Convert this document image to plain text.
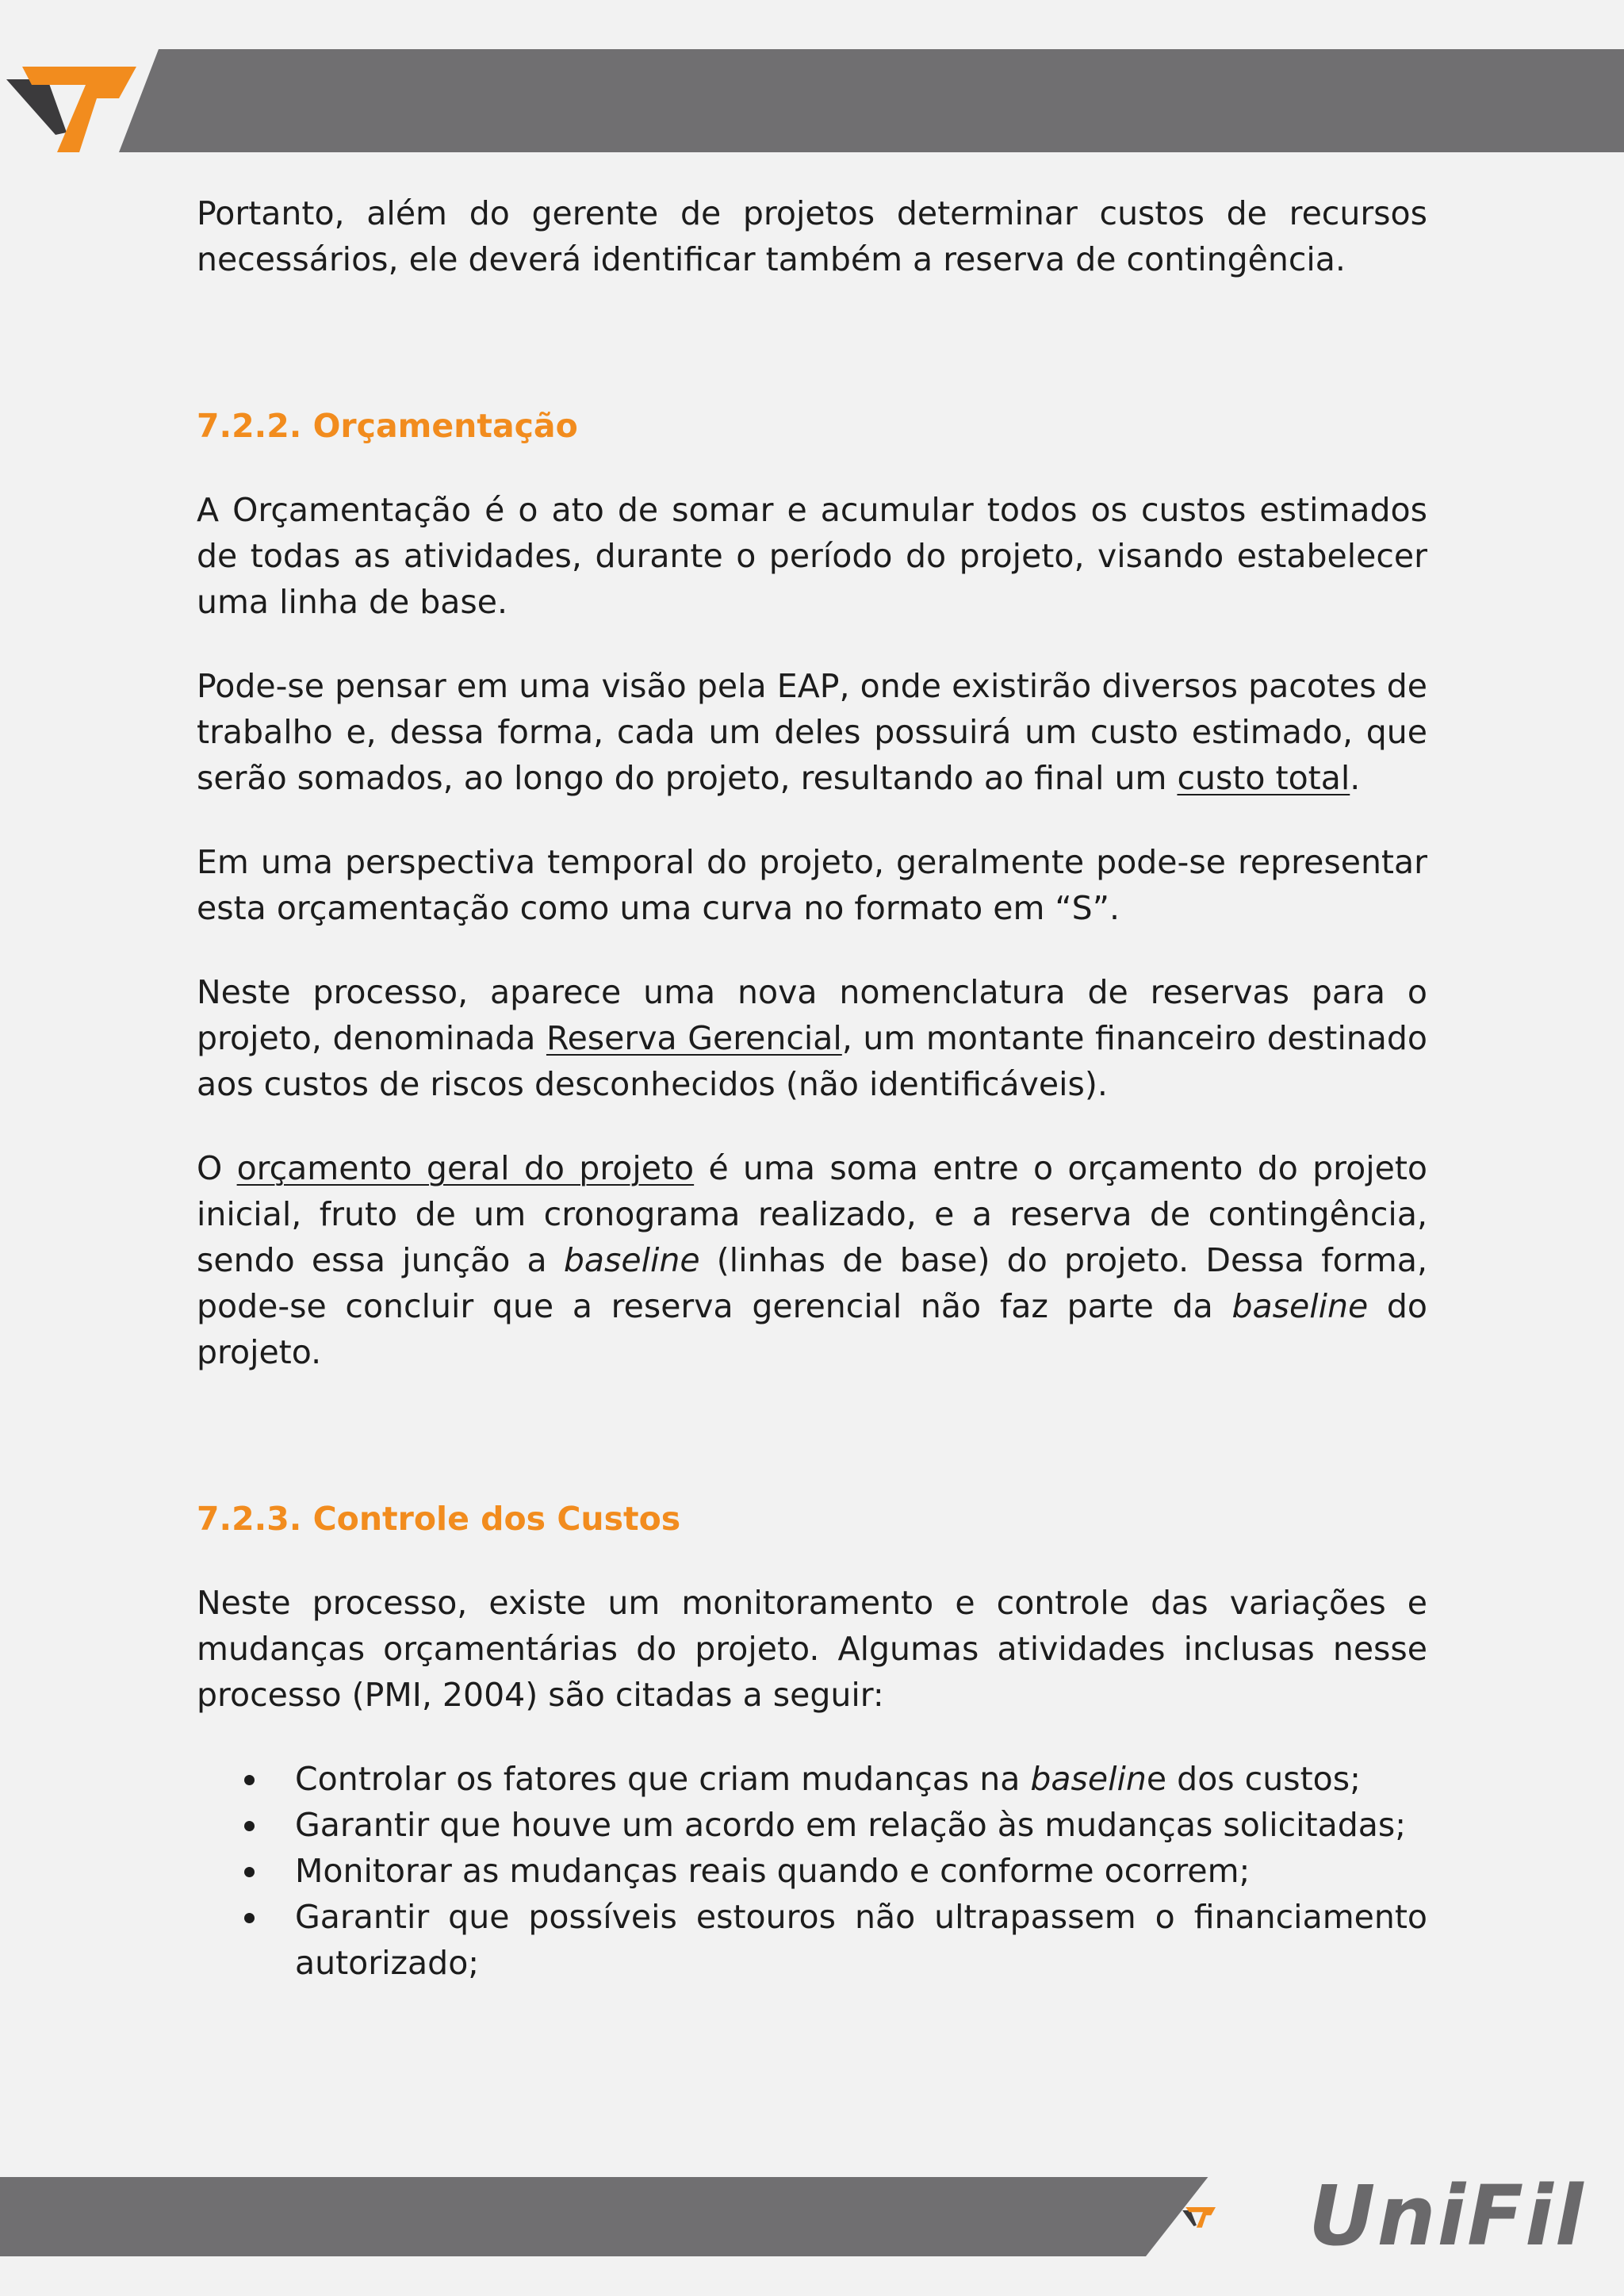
Portanto, além do gerente de projetos determinar custos de recursos necessários, ele deverá identificar também a reserva de contingência.

7.2.2. Orçamentação

A Orçamentação é o ato de somar e acumular todos os custos estimados de todas as atividades, durante o período do projeto, visando estabelecer uma linha de base.

Pode-se pensar em uma visão pela EAP, onde existirão diversos pacotes de trabalho e, dessa forma, cada um deles possuirá um custo estimado, que serão somados, ao longo do projeto, resultando ao final um custo total.

Em uma perspectiva temporal do projeto, geralmente pode-se representar esta orçamentação como uma curva no formato em “S”.

Neste processo, aparece uma nova nomenclatura de reservas para o projeto, denominada Reserva Gerencial, um montante financeiro destinado aos custos de riscos desconhecidos (não identificáveis).

O orçamento geral do projeto é uma soma entre o orçamento do projeto inicial, fruto de um cronograma realizado, e a reserva de contingência, sendo essa junção a baseline (linhas de base) do projeto. Dessa forma, pode-se concluir que a reserva gerencial não faz parte da baseline do projeto.

7.2.3. Controle dos Custos

Neste processo, existe um monitoramento e controle das variações e mudanças orçamentárias do projeto. Algumas atividades inclusas nesse processo (PMI, 2004) são citadas a seguir:

Controlar os fatores que criam mudanças na baseline dos custos;
Garantir que houve um acordo em relação às mudanças solicitadas;
Monitorar as mudanças reais quando e conforme ocorrem;
Garantir que possíveis estouros não ultrapassem o financiamento autorizado;
UniFil
